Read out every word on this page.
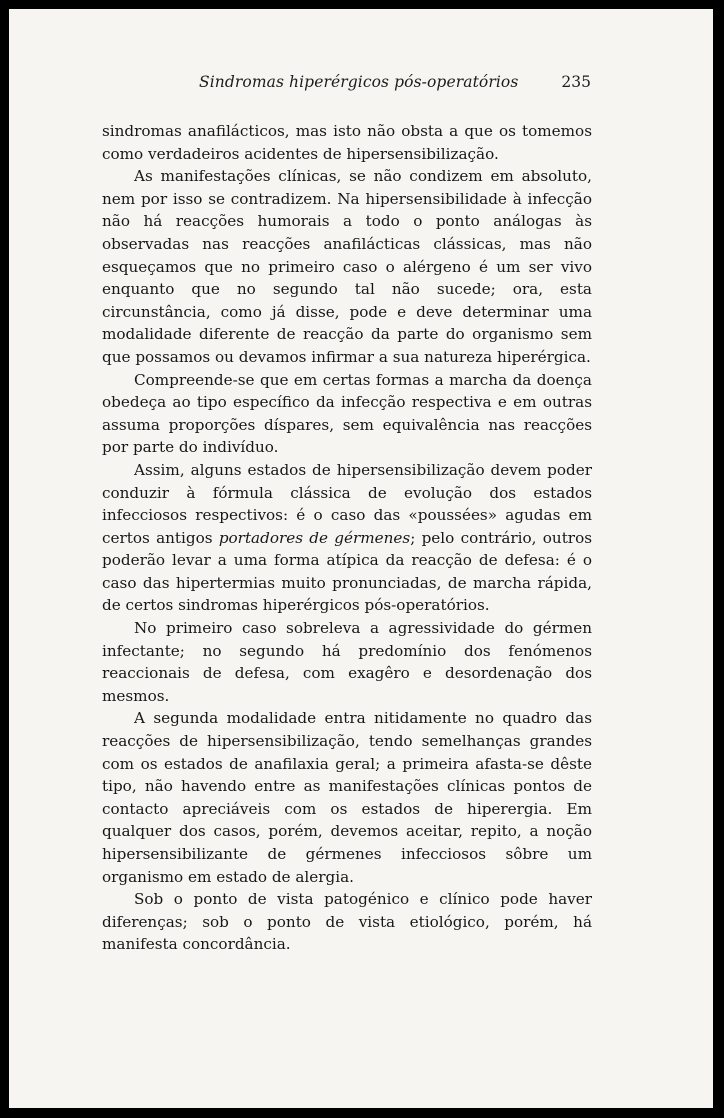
Sindromas hiperérgicos pós-operatórios	235

sindromas anafilácticos, mas isto não obsta a que os tomemos como verdadeiros acidentes de hipersensibilização.

As manifestações clínicas, se não condizem em absoluto, nem por isso se contradizem. Na hipersensibilidade à infecção não há reacções humorais a todo o ponto análogas às observadas nas reacções anafilácticas clássicas, mas não esqueçamos que no primeiro caso o alérgeno é um ser vivo enquanto que no segundo tal não sucede; ora, esta circunstância, como já disse, pode e deve determinar uma modalidade diferente de reacção da parte do organismo sem que possamos ou devamos infirmar a sua natureza hiperérgica.

Compreende-se que em certas formas a marcha da doença obedeça ao tipo específico da infecção respectiva e em outras assuma proporções díspares, sem equivalência nas reacções por parte do indivíduo.

Assim, alguns estados de hipersensibilização devem poder conduzir à fórmula clássica de evolução dos estados infecciosos respectivos: é o caso das «poussées» agudas em certos antigos portadores de gérmenes; pelo contrário, outros poderão levar a uma forma atípica da reacção de defesa: é o caso das hipertermias muito pronunciadas, de marcha rápida, de certos sindromas hiperérgicos pós-operatórios.

No primeiro caso sobreleva a agressividade do gérmen infectante; no segundo há predomínio dos fenómenos reaccionais de defesa, com exagêro e desordenação dos mesmos.

A segunda modalidade entra nitidamente no quadro das reacções de hipersensibilização, tendo semelhanças grandes com os estados de anafilaxia geral; a primeira afasta-se dêste tipo, não havendo entre as manifestações clínicas pontos de contacto apreciáveis com os estados de hiperergia. Em qualquer dos casos, porém, devemos aceitar, repito, a noção hipersensibilizante de gérmenes infecciosos sôbre um organismo em estado de alergia.

Sob o ponto de vista patogénico e clínico pode haver diferenças; sob o ponto de vista etiológico, porém, há manifesta concordância.
